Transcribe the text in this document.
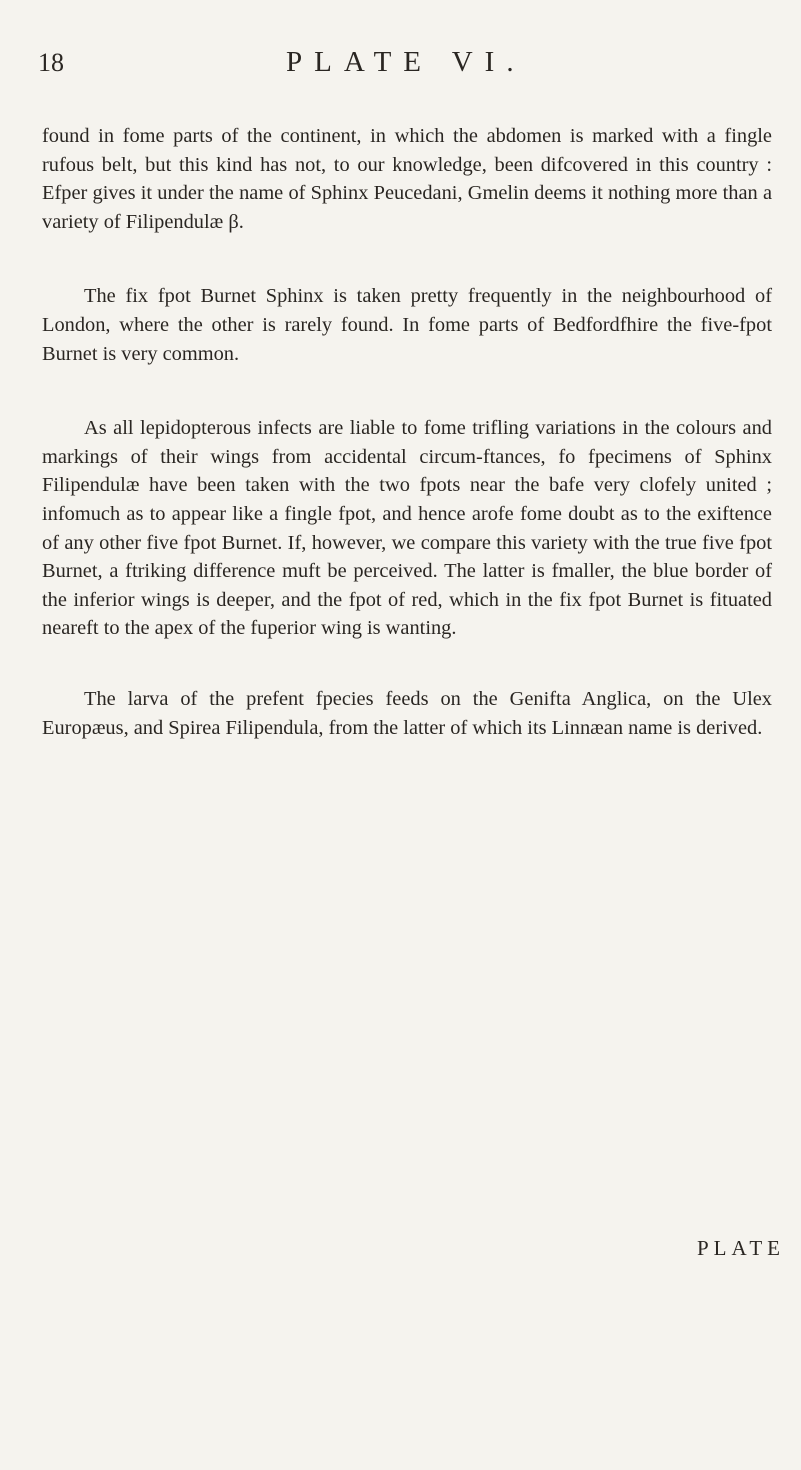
18	PLATE VI.

found in fome parts of the continent, in which the abdomen is marked with a fingle rufous belt, but this kind has not, to our knowledge, been difcovered in this country : Efper gives it under the name of Sphinx Peucedani, Gmelin deems it nothing more than a variety of Filipendulæ β.

The fix fpot Burnet Sphinx is taken pretty frequently in the neighbourhood of London, where the other is rarely found. In fome parts of Bedfordfhire the five-fpot Burnet is very common.

As all lepidopterous infects are liable to fome trifling variations in the colours and markings of their wings from accidental circum-ftances, fo fpecimens of Sphinx Filipendulæ have been taken with the two fpots near the bafe very clofely united ; infomuch as to appear like a fingle fpot, and hence arofe fome doubt as to the exiftence of any other five fpot Burnet. If, however, we compare this variety with the true five fpot Burnet, a ftriking difference muft be perceived. The latter is fmaller, the blue border of the inferior wings is deeper, and the fpot of red, which in the fix fpot Burnet is fituated neareft to the apex of the fuperior wing is wanting.

The larva of the prefent fpecies feeds on the Genifta Anglica, on the Ulex Europæus, and Spirea Filipendula, from the latter of which its Linnæan name is derived.

PLATE
